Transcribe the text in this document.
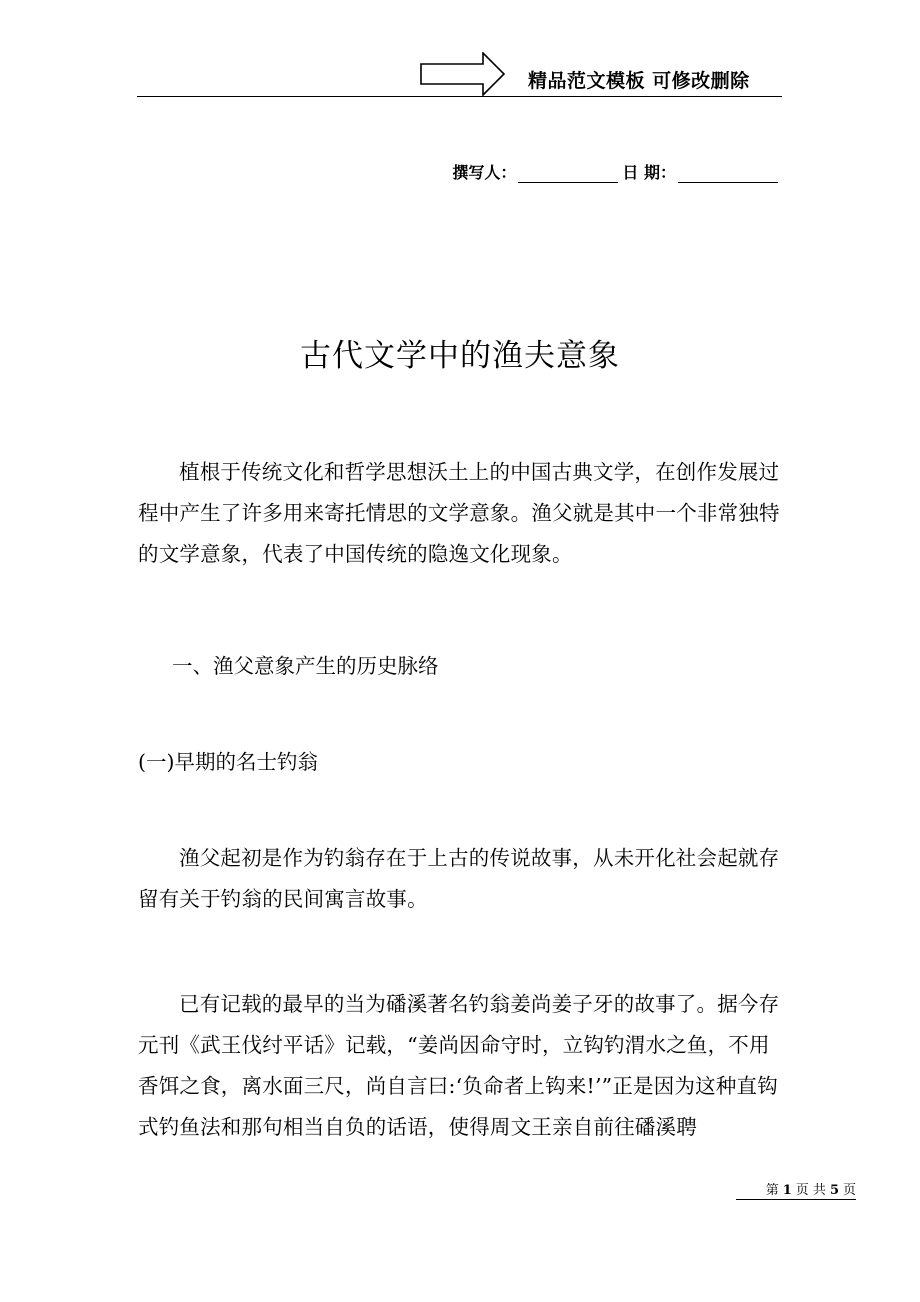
精品范文模板 可修改删除
撰写人：	日 期：
古代文学中的渔夫意象
植根于传统文化和哲学思想沃土上的中国古典文学，在创作发展过程中产生了许多用来寄托情思的文学意象。渔父就是其中一个非常独特的文学意象，代表了中国传统的隐逸文化现象。
一、渔父意象产生的历史脉络
(一)早期的名士钓翁
渔父起初是作为钓翁存在于上古的传说故事，从未开化社会起就存留有关于钓翁的民间寓言故事。
已有记载的最早的当为磻溪著名钓翁姜尚姜子牙的故事了。据今存元刊《武王伐纣平话》记载，“姜尚因命守时，立钩钓渭水之鱼，不用香饵之食，离水面三尺，尚自言曰:‘负命者上钩来!’”正是因为这种直钩式钓鱼法和那句相当自负的话语，使得周文王亲自前往磻溪聘
第 1 页 共 5 页
